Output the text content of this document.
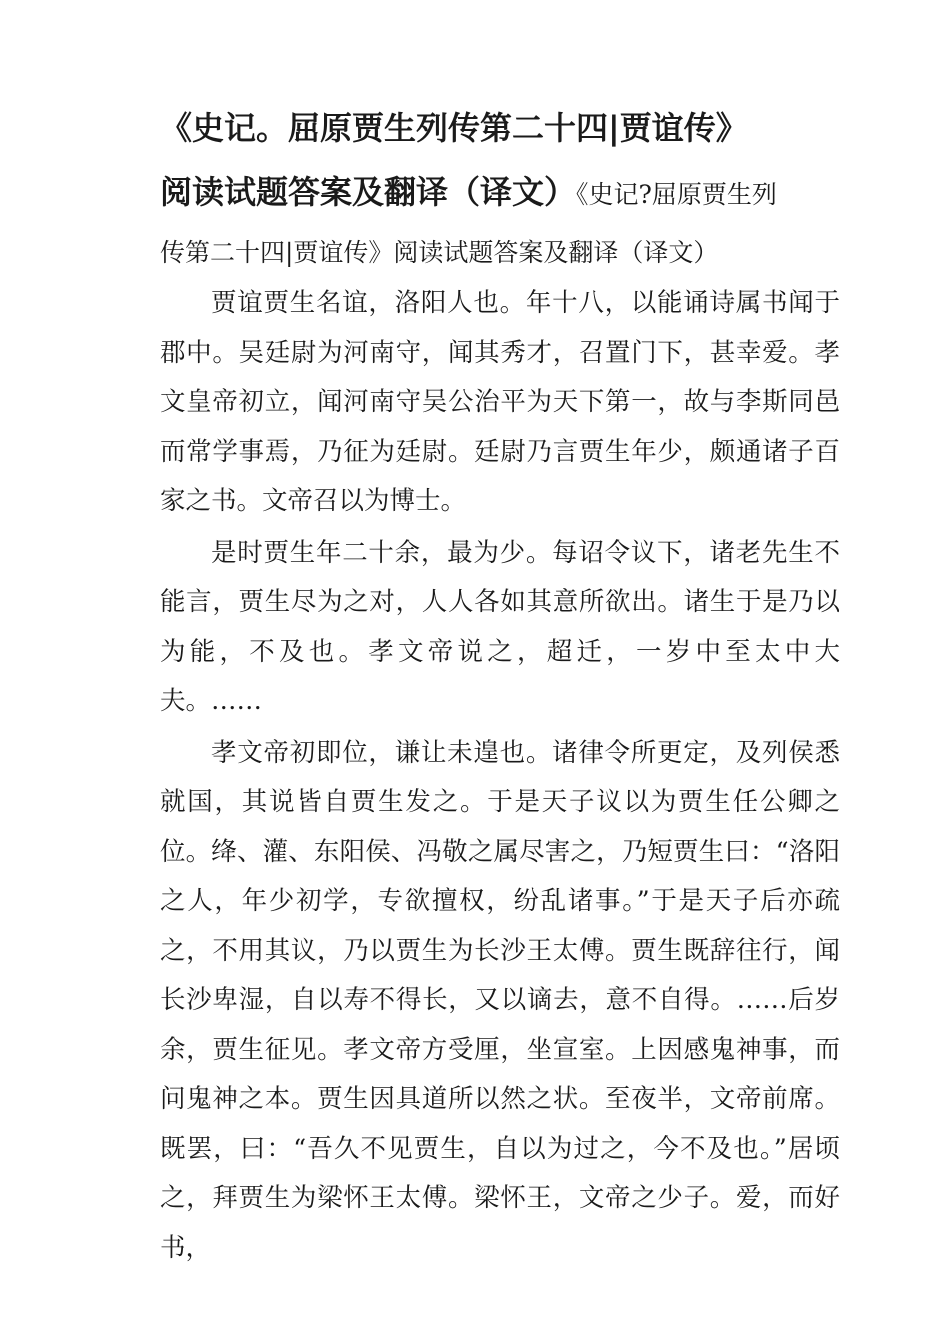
《史记。屈原贾生列传第二十四|贾谊传》
阅读试题答案及翻译（译文）《史记?屈原贾生列

传第二十四|贾谊传》阅读试题答案及翻译（译文）

贾谊贾生名谊，洛阳人也。年十八，以能诵诗属书闻于郡中。吴廷尉为河南守，闻其秀才，召置门下，甚幸爱。孝文皇帝初立，闻河南守吴公治平为天下第一，故与李斯同邑而常学事焉，乃征为廷尉。廷尉乃言贾生年少，颇通诸子百家之书。文帝召以为博士。

是时贾生年二十余，最为少。每诏令议下，诸老先生不能言，贾生尽为之对，人人各如其意所欲出。诸生于是乃以为能，不及也。孝文帝说之，超迁，一岁中至太中大夫。……

孝文帝初即位，谦让未遑也。诸律令所更定，及列侯悉就国，其说皆自贾生发之。于是天子议以为贾生任公卿之位。绛、灌、东阳侯、冯敬之属尽害之，乃短贾生曰：“洛阳之人，年少初学，专欲擅权，纷乱诸事。”于是天子后亦疏之，不用其议，乃以贾生为长沙王太傅。贾生既辞往行，闻长沙卑湿，自以寿不得长，又以谪去，意不自得。……后岁余，贾生征见。孝文帝方受厘，坐宣室。上因感鬼神事，而问鬼神之本。贾生因具道所以然之状。至夜半，文帝前席。既罢，曰：“吾久不见贾生，自以为过之，今不及也。”居顷之，拜贾生为梁怀王太傅。梁怀王，文帝之少子。爱，而好书，
